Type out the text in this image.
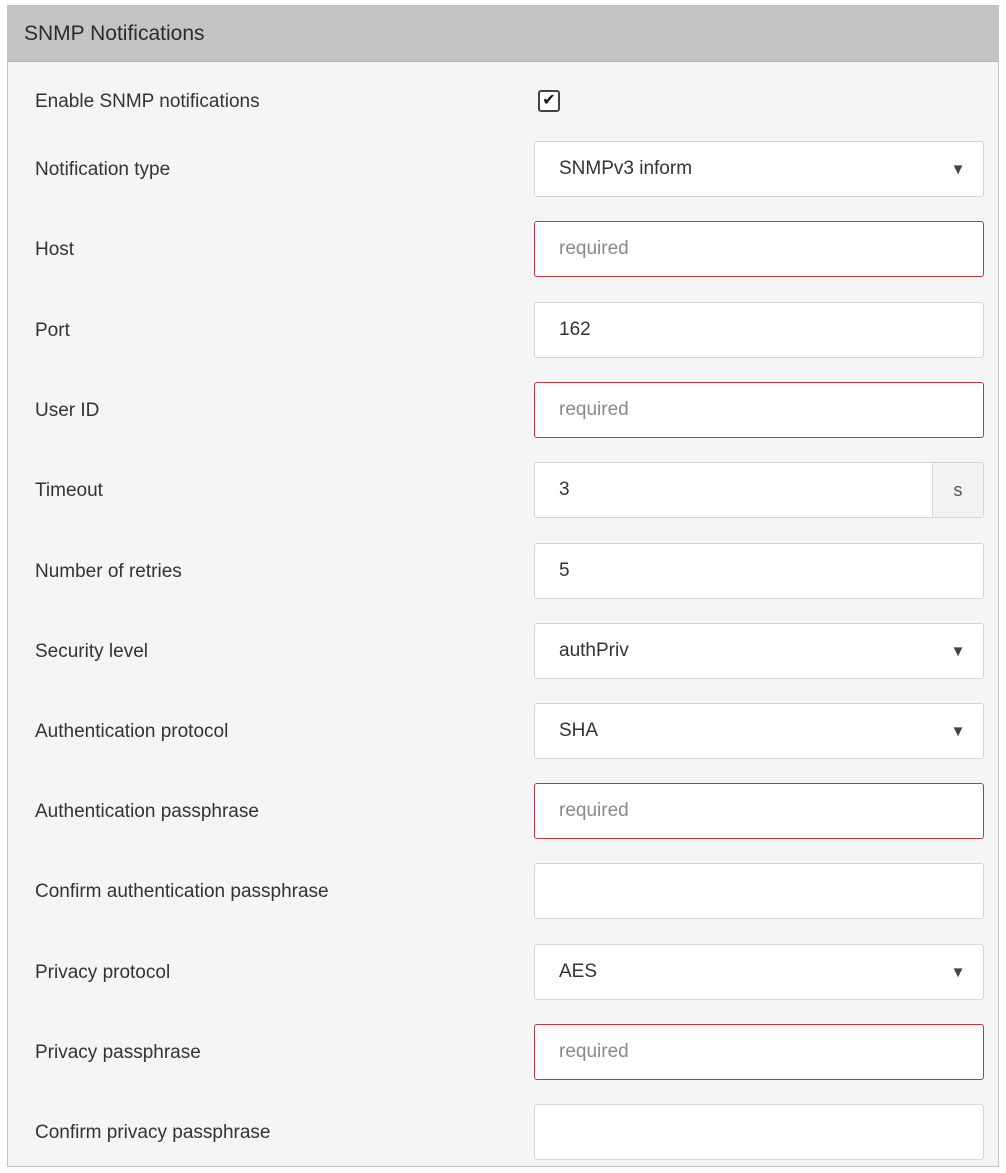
SNMP Notifications
Enable SNMP notifications	✔
Notification type	SNMPv3 inform	▼
Host	required
Port	162
User ID	required
Timeout	3	s
Number of retries	5
Security level	authPriv	▼
Authentication protocol	SHA	▼
Authentication passphrase	required
Confirm authentication passphrase
Privacy protocol	AES	▼
Privacy passphrase	required
Confirm privacy passphrase
